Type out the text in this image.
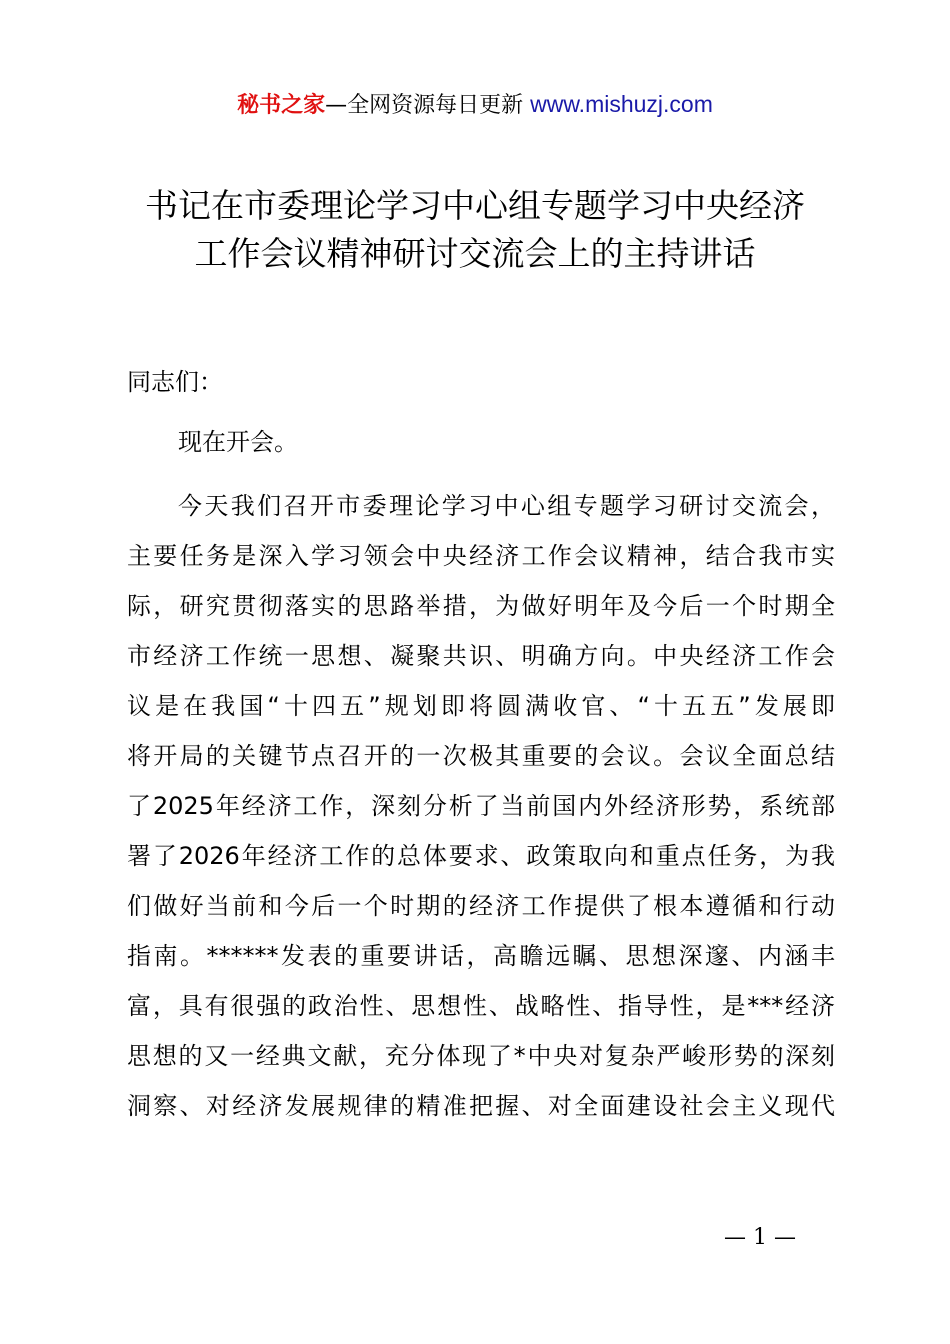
秘书之家—全网资源每日更新 www.mishuzj.com
书记在市委理论学习中心组专题学习中央经济
工作会议精神研讨交流会上的主持讲话
同志们：
现在开会。
今天我们召开市委理论学习中心组专题学习研讨交流会，
主要任务是深入学习领会中央经济工作会议精神，结合我市实
际，研究贯彻落实的思路举措，为做好明年及今后一个时期全
市经济工作统一思想、凝聚共识、明确方向。中央经济工作会
议是在我国“十四五”规划即将圆满收官、“十五五”发展即
将开局的关键节点召开的一次极其重要的会议。会议全面总结
了2025年经济工作，深刻分析了当前国内外经济形势，系统部
署了2026年经济工作的总体要求、政策取向和重点任务，为我
们做好当前和今后一个时期的经济工作提供了根本遵循和行动
指南。******发表的重要讲话，高瞻远瞩、思想深邃、内涵丰
富，具有很强的政治性、思想性、战略性、指导性，是***经济
思想的又一经典文献，充分体现了*中央对复杂严峻形势的深刻
洞察、对经济发展规律的精准把握、对全面建设社会主义现代
— 1 —
